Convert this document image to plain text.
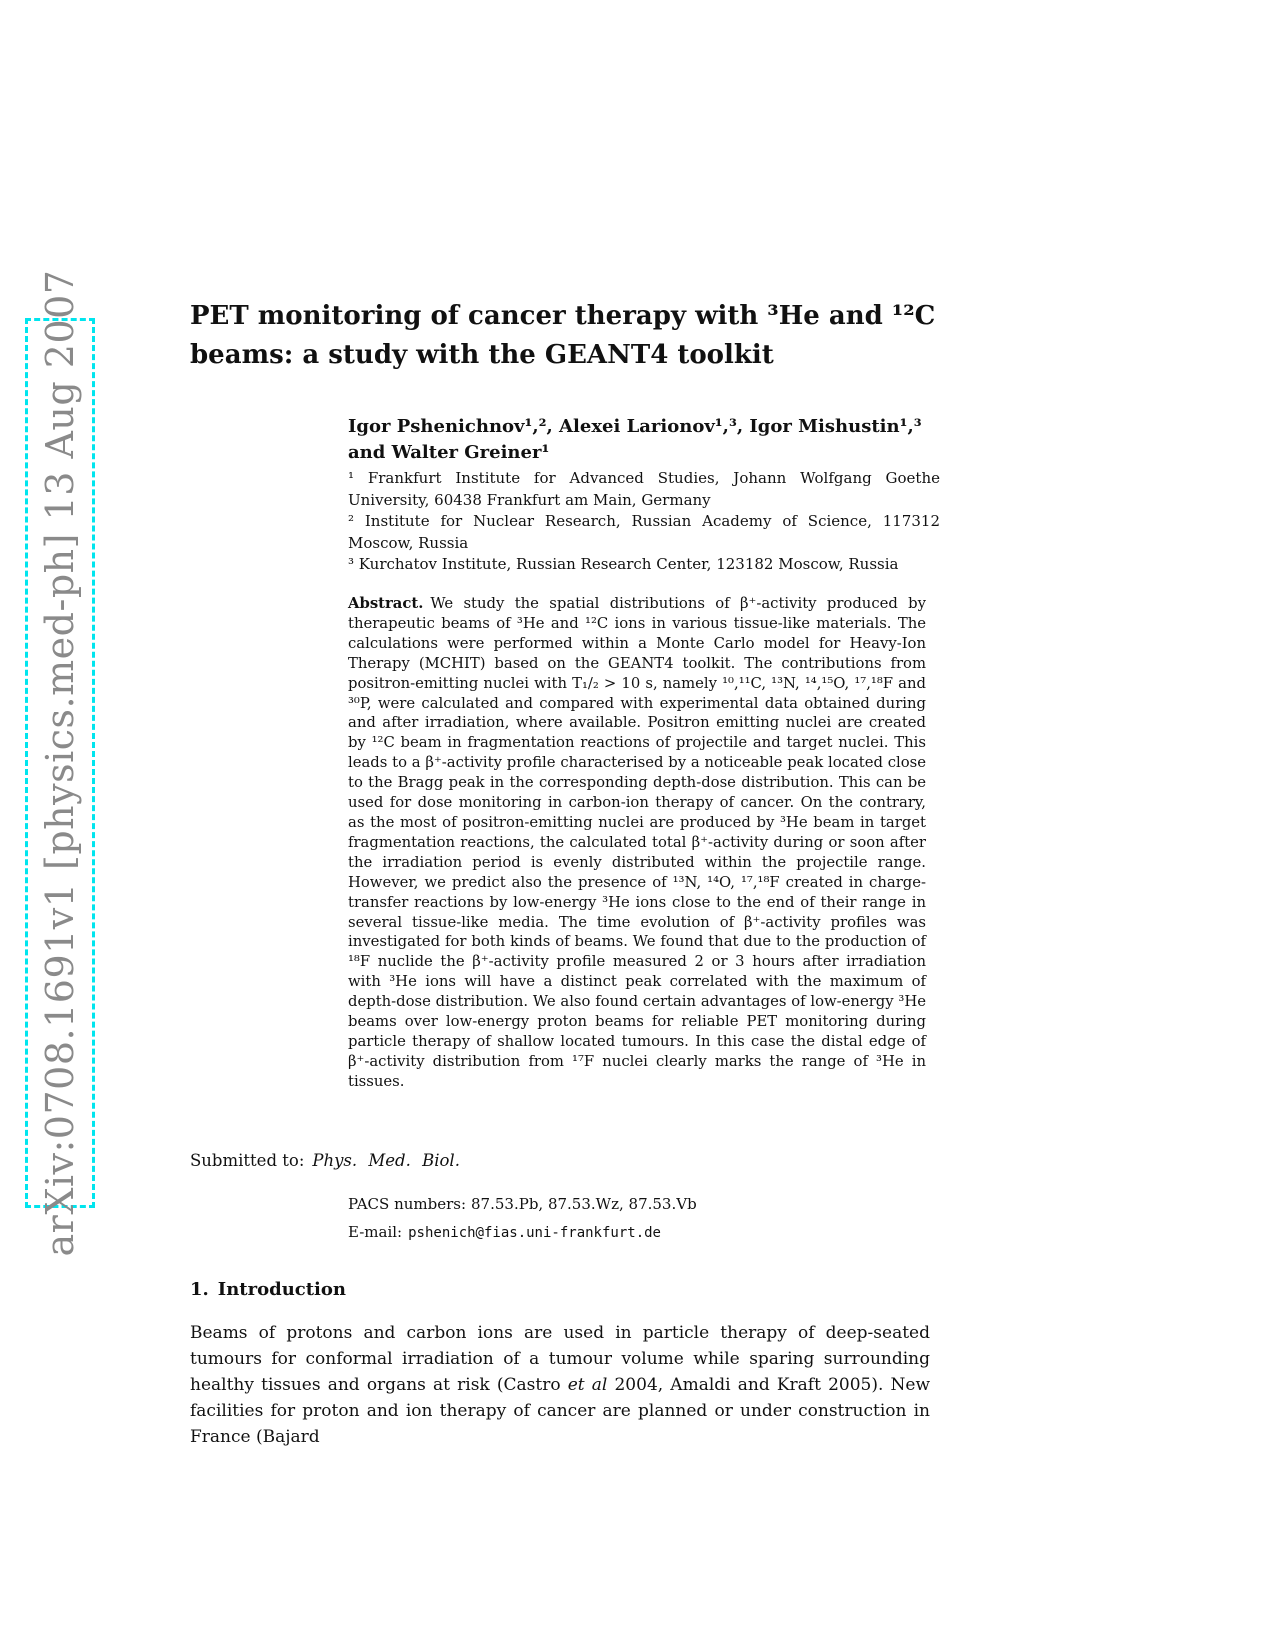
arXiv:0708.1691v1 [physics.med-ph] 13 Aug 2007	PET monitoring of cancer therapy with ³He and ¹²C
beams: a study with the GEANT4 toolkit
Igor Pshenichnov¹,², Alexei Larionov¹,³, Igor Mishustin¹,³
and Walter Greiner¹

¹ Frankfurt Institute for Advanced Studies, Johann Wolfgang Goethe University, 60438 Frankfurt am Main, Germany

² Institute for Nuclear Research, Russian Academy of Science, 117312 Moscow, Russia

³ Kurchatov Institute, Russian Research Center, 123182 Moscow, Russia

Abstract. We study the spatial distributions of β⁺-activity produced by therapeutic beams of ³He and ¹²C ions in various tissue-like materials. The calculations were performed within a Monte Carlo model for Heavy-Ion Therapy (MCHIT) based on the GEANT4 toolkit. The contributions from positron-emitting nuclei with T₁/₂ > 10 s, namely ¹⁰,¹¹C, ¹³N, ¹⁴,¹⁵O, ¹⁷,¹⁸F and ³⁰P, were calculated and compared with experimental data obtained during and after irradiation, where available. Positron emitting nuclei are created by ¹²C beam in fragmentation reactions of projectile and target nuclei. This leads to a β⁺-activity profile characterised by a noticeable peak located close to the Bragg peak in the corresponding depth-dose distribution. This can be used for dose monitoring in carbon-ion therapy of cancer. On the contrary, as the most of positron-emitting nuclei are produced by ³He beam in target fragmentation reactions, the calculated total β⁺-activity during or soon after the irradiation period is evenly distributed within the projectile range. However, we predict also the presence of ¹³N, ¹⁴O, ¹⁷,¹⁸F created in charge-transfer reactions by low-energy ³He ions close to the end of their range in several tissue-like media. The time evolution of β⁺-activity profiles was investigated for both kinds of beams. We found that due to the production of ¹⁸F nuclide the β⁺-activity profile measured 2 or 3 hours after irradiation with ³He ions will have a distinct peak correlated with the maximum of depth-dose distribution. We also found certain advantages of low-energy ³He beams over low-energy proton beams for reliable PET monitoring during particle therapy of shallow located tumours. In this case the distal edge of β⁺-activity distribution from ¹⁷F nuclei clearly marks the range of ³He in tissues.

Submitted to: Phys. Med. Biol.

PACS numbers: 87.53.Pb, 87.53.Wz, 87.53.Vb

E-mail: pshenich@fias.uni-frankfurt.de

1. Introduction

Beams of protons and carbon ions are used in particle therapy of deep-seated tumours for conformal irradiation of a tumour volume while sparing surrounding healthy tissues and organs at risk (Castro et al 2004, Amaldi and Kraft 2005). New facilities for proton and ion therapy of cancer are planned or under construction in France (Bajard
